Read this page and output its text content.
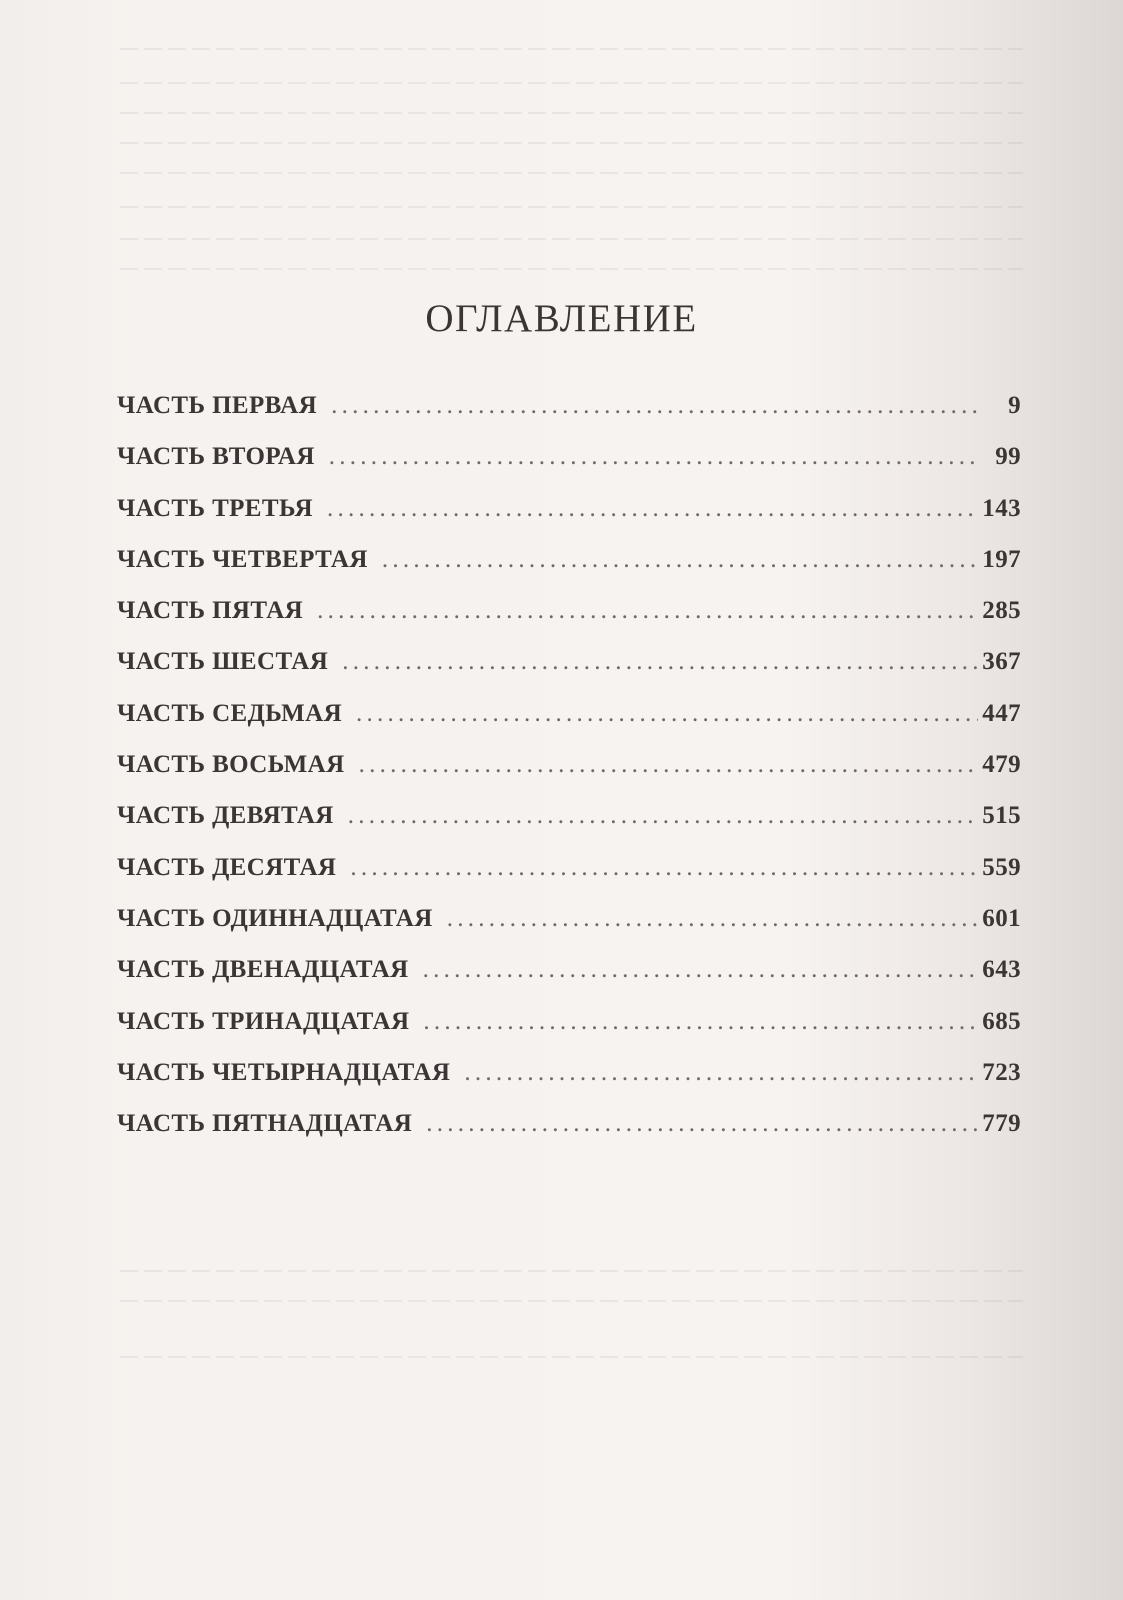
ОГЛАВЛЕНИЕ
ЧАСТЬ ПЕРВАЯ . . .	9
ЧАСТЬ ВТОРАЯ . . .	99
ЧАСТЬ ТРЕТЬЯ . . .	143
ЧАСТЬ ЧЕТВЕРТАЯ . . .	197
ЧАСТЬ ПЯТАЯ . . .	285
ЧАСТЬ ШЕСТАЯ . . .	367
ЧАСТЬ СЕДЬМАЯ . . .	447
ЧАСТЬ ВОСЬМАЯ . . .	479
ЧАСТЬ ДЕВЯТАЯ . . .	515
ЧАСТЬ ДЕСЯТАЯ . . .	559
ЧАСТЬ ОДИННАДЦАТАЯ . . .	601
ЧАСТЬ ДВЕНАДЦАТАЯ . . .	643
ЧАСТЬ ТРИНАДЦАТАЯ . . .	685
ЧАСТЬ ЧЕТЫРНАДЦАТАЯ . . .	723
ЧАСТЬ ПЯТНАДЦАТАЯ . . .	779
